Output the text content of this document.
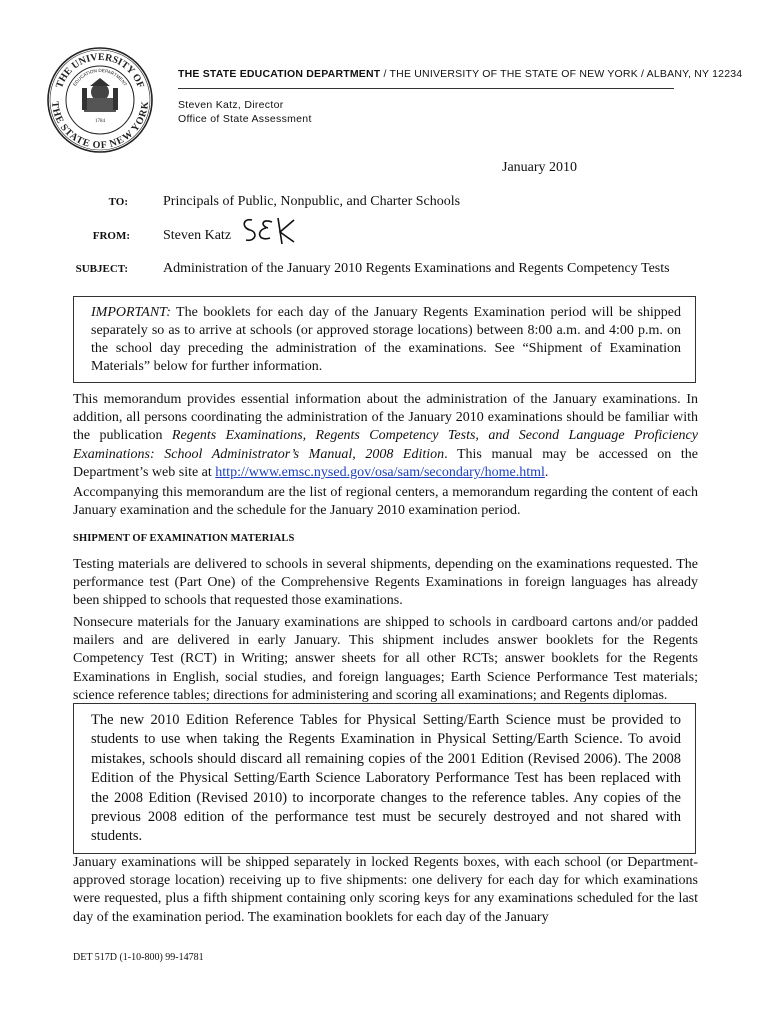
THE UNIVERSITY OF
THE STATE OF NEW YORK
EDUCATION DEPARTMENT
1784
THE STATE EDUCATION DEPARTMENT / THE UNIVERSITY OF THE STATE OF NEW YORK / ALBANY, NY 12234
Steven Katz, Director
Office of State Assessment
January 2010
TO:	Principals of Public, Nonpublic, and Charter Schools
FROM: Steven Katz
SUBJECT:	Administration of the January 2010 Regents Examinations and Regents Competency Tests
IMPORTANT: The booklets for each day of the January Regents Examination period will be shipped separately so as to arrive at schools (or approved storage locations) between 8:00 a.m. and 4:00 p.m. on the school day preceding the administration of the examinations. See “Shipment of Examination Materials” below for further information.
This memorandum provides essential information about the administration of the January examinations. In addition, all persons coordinating the administration of the January 2010 examinations should be familiar with the publication Regents Examinations, Regents Competency Tests, and Second Language Proficiency Examinations: School Administrator’s Manual, 2008 Edition. This manual may be accessed on the Department’s web site at http://www.emsc.nysed.gov/osa/sam/secondary/home.html.
Accompanying this memorandum are the list of regional centers, a memorandum regarding the content of each January examination and the schedule for the January 2010 examination period.
SHIPMENT OF EXAMINATION MATERIALS
Testing materials are delivered to schools in several shipments, depending on the examinations requested. The performance test (Part One) of the Comprehensive Regents Examinations in foreign languages has already been shipped to schools that requested those examinations.
Nonsecure materials for the January examinations are shipped to schools in cardboard cartons and/or padded mailers and are delivered in early January. This shipment includes answer booklets for the Regents Competency Test (RCT) in Writing; answer sheets for all other RCTs; answer booklets for the Regents Examinations in English, social studies, and foreign languages; Earth Science Performance Test materials; science reference tables; directions for administering and scoring all examinations; and Regents diplomas.
The new 2010 Edition Reference Tables for Physical Setting/Earth Science must be provided to students to use when taking the Regents Examination in Physical Setting/Earth Science. To avoid mistakes, schools should discard all remaining copies of the 2001 Edition (Revised 2006). The 2008 Edition of the Physical Setting/Earth Science Laboratory Performance Test has been replaced with the 2008 Edition (Revised 2010) to incorporate changes to the reference tables. Any copies of the previous 2008 edition of the performance test must be securely destroyed and not shared with students.
January examinations will be shipped separately in locked Regents boxes, with each school (or Department-approved storage location) receiving up to five shipments: one delivery for each day for which examinations were requested, plus a fifth shipment containing only scoring keys for any examinations scheduled for the last day of the examination period. The examination booklets for each day of the January
DET 517D (1-10-800) 99-14781
